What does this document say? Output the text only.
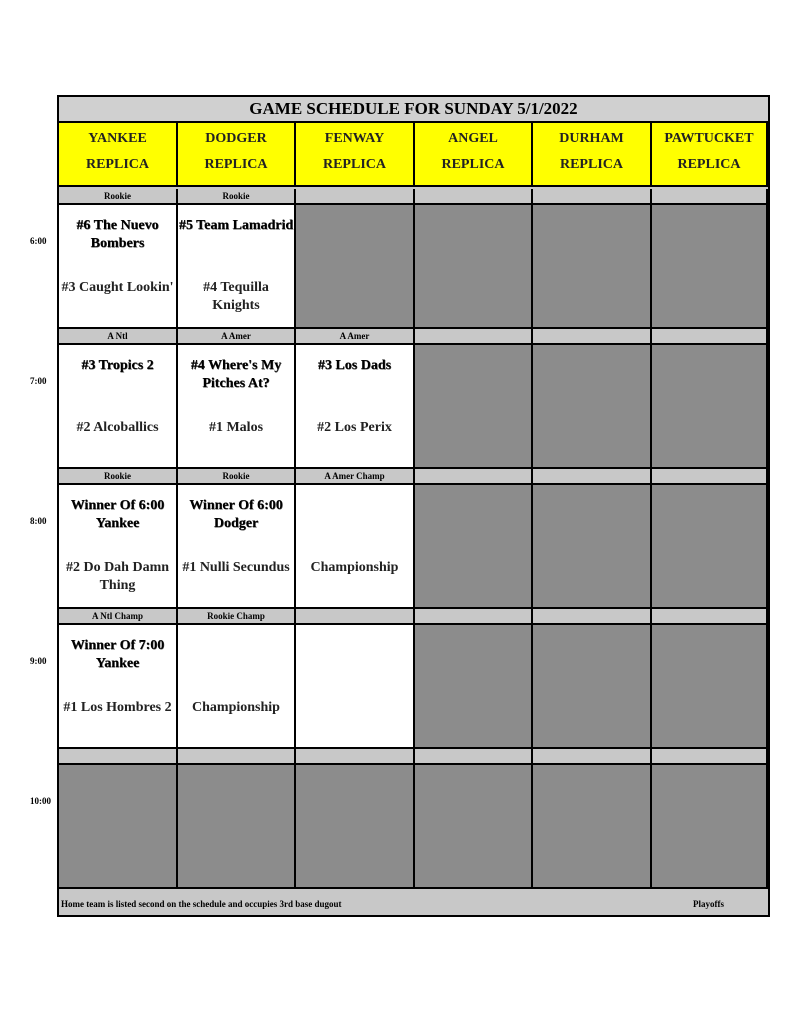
GAME SCHEDULE FOR SUNDAY 5/1/2022
Home team is listed second on the schedule and occupies 3rd base dugout	Playoffs
YANKEE
REPLICA
DODGER
REPLICA
FENWAY
REPLICA
ANGEL
REPLICA
DURHAM
REPLICA
PAWTUCKET
REPLICA
Rookie
#6 The Nuevo Bombers
#3 Caught Lookin'
Rookie
#5 Team Lamadrid
#4 Tequilla Knights
A Ntl
#3 Tropics 2
#2 Alcoballics
A Amer
#4 Where's My Pitches At?
#1 Malos
A Amer
#3 Los Dads
#2 Los Perix
Rookie
Winner Of 6:00 Yankee
#2 Do Dah Damn Thing
Rookie
Winner Of 6:00 Dodger
#1 Nulli Secundus
A Amer Champ
Championship
A Ntl Champ
Winner Of 7:00 Yankee
#1 Los Hombres 2
Rookie Champ
Championship
6:00
7:00
8:00
9:00
10:00
